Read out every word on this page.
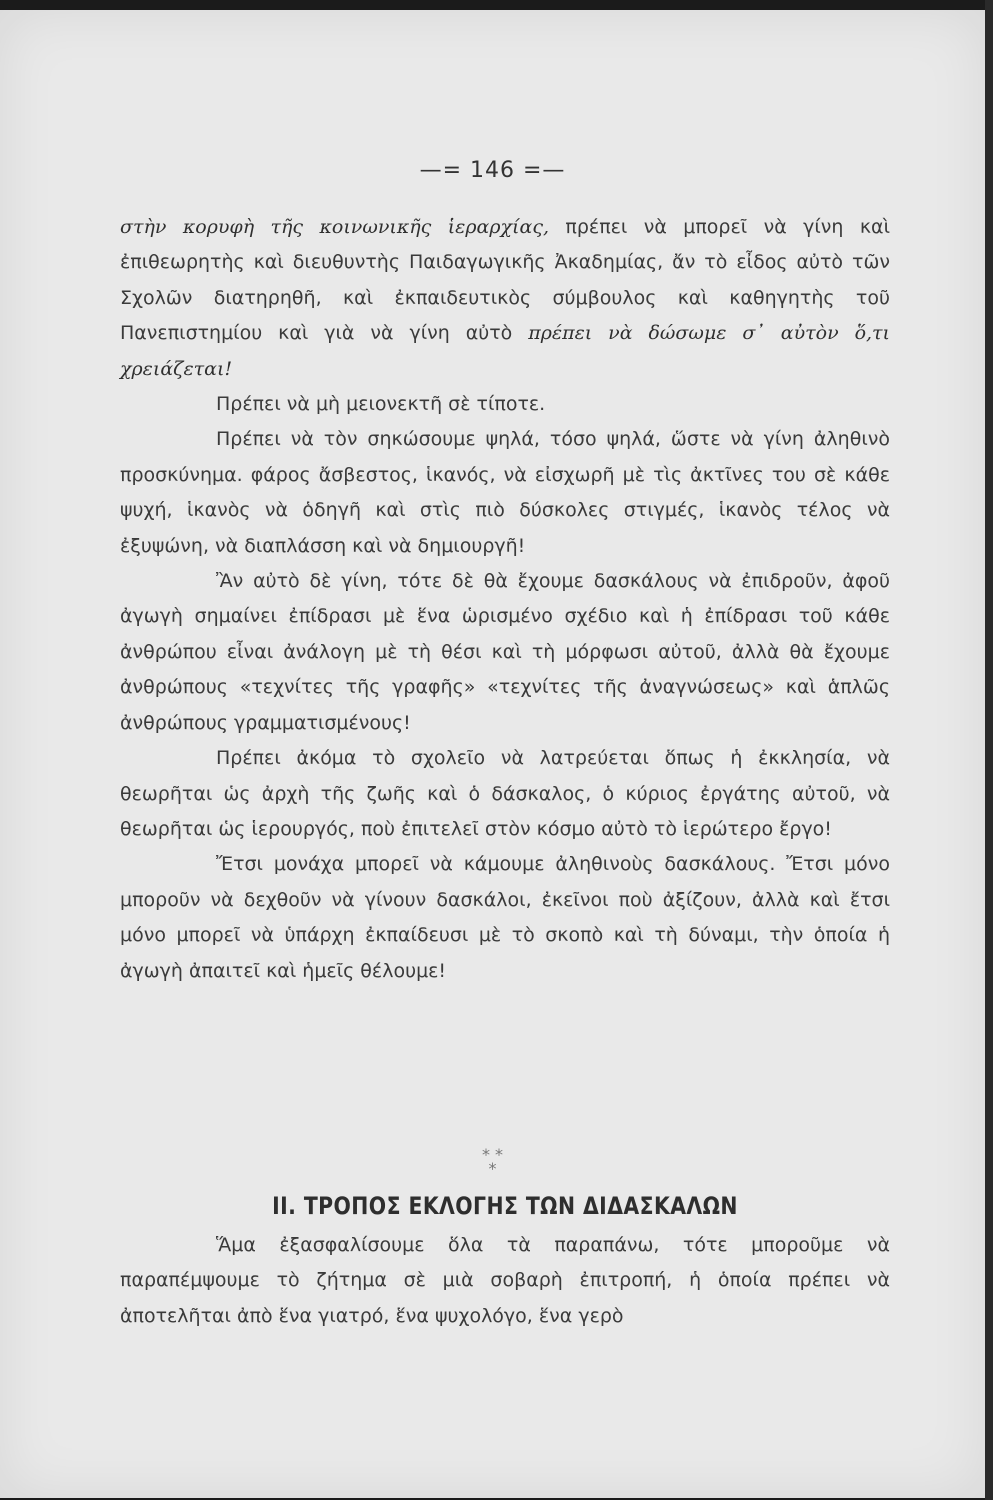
—= 146 =—

στὴν κορυφὴ τῆς κοινωνικῆς ἱεραρχίας, πρέπει νὰ μπορεῖ νὰ γίνη καὶ ἐπιθεωρητὴς καὶ διευθυντὴς Παιδαγωγικῆς Ἀκαδημίας, ἄν τὸ εἶδος αὐτὸ τῶν Σχολῶν διατηρηθῆ, καὶ ἐκπαιδευτικὸς σύμβουλος καὶ καθηγητὴς τοῦ Πανεπιστημίου καὶ γιὰ νὰ γίνη αὐτὸ πρέπει νὰ δώσωμε σ᾿ αὐτὸν ὅ,τι χρειάζεται!

Πρέπει νὰ μὴ μειονεκτῆ σὲ τίποτε.

Πρέπει νὰ τὸν σηκώσουμε ψηλά, τόσο ψηλά, ὥστε νὰ γίνη ἀληθινὸ προσκύνημα. φάρος ἄσβεστος, ἱκανός, νὰ εἰσχωρῆ μὲ τὶς ἀκτῖνες του σὲ κάθε ψυχή, ἱκανὸς νὰ ὁδηγῆ καὶ στὶς πιὸ δύσκολες στιγμές, ἱκανὸς τέλος νὰ ἐξυψώνη, νὰ διαπλάσση καὶ νὰ δημιουργῆ!

Ἂν αὐτὸ δὲ γίνη, τότε δὲ θὰ ἔχουμε δασκάλους νὰ ἐπιδροῦν, ἀφοῦ ἀγωγὴ σημαίνει ἐπίδρασι μὲ ἕνα ὡρισμένο σχέδιο καὶ ἡ ἐπίδρασι τοῦ κάθε ἀνθρώπου εἶναι ἀνάλογη μὲ τὴ θέσι καὶ τὴ μόρφωσι αὐτοῦ, ἀλλὰ θὰ ἔχουμε ἀνθρώπους «τεχνίτες τῆς γραφῆς» «τεχνίτες τῆς ἀναγνώσεως» καὶ ἁπλῶς ἀνθρώπους γραμματισμένους!

Πρέπει ἀκόμα τὸ σχολεῖο νὰ λατρεύεται ὅπως ἡ ἐκκλησία, νὰ θεωρῆται ὡς ἀρχὴ τῆς ζωῆς καὶ ὁ δάσκαλος, ὁ κύριος ἐργάτης αὐτοῦ, νὰ θεωρῆται ὡς ἱερουργός, ποὺ ἐπιτελεῖ στὸν κόσμο αὐτὸ τὸ ἱερώτερο ἔργο!

Ἔτσι μονάχα μπορεῖ νὰ κάμουμε ἀληθινοὺς δασκάλους. Ἔτσι μόνο μποροῦν νὰ δεχθοῦν νὰ γίνουν δασκάλοι, ἐκεῖνοι ποὺ ἀξίζουν, ἀλλὰ καὶ ἔτσι μόνο μπορεῖ νὰ ὑπάρχη ἐκπαίδευσι μὲ τὸ σκοπὸ καὶ τὴ δύναμι, τὴν ὁποία ἡ ἀγωγὴ ἀπαιτεῖ καὶ ἡμεῖς θέλουμε!

* *
*
II. ΤΡΟΠΟΣ ΕΚΛΟΓΗΣ ΤΩΝ ΔΙΔΑΣΚΑΛΩΝ

Ἅμα ἐξασφαλίσουμε ὅλα τὰ παραπάνω, τότε μποροῦμε νὰ παραπέμψουμε τὸ ζήτημα σὲ μιὰ σοβαρὴ ἐπιτροπή, ἡ ὁποία πρέπει νὰ ἀποτελῆται ἀπὸ ἕνα γιατρό, ἕνα ψυχολόγο, ἕνα γερὸ
